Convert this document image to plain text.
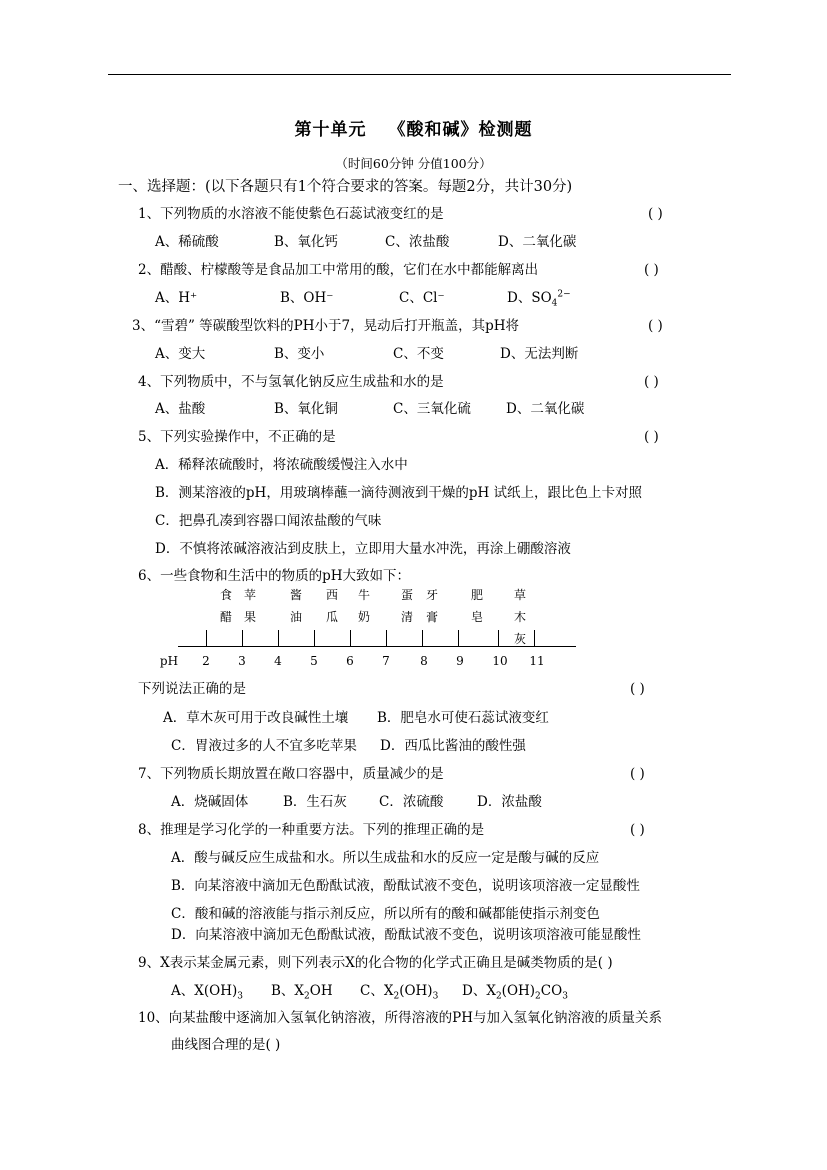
第十单元 《酸和碱》检测题
（时间60分钟 分值100分）
一、选择题：(以下各题只有1个符合要求的答案。每题2分，共计30分)
1、下列物质的水溶液不能使紫色石蕊试液变红的是	( )
A、稀硫酸	B、氧化钙	C、浓盐酸	D、二氧化碳
2、醋酸、柠檬酸等是食品加工中常用的酸，它们在水中都能解离出	( )
A、H⁺	B、OH⁻	C、Cl⁻	D、$SO_4^{2-}$
3、“雪碧” 等碳酸型饮料的PH小于7，晃动后打开瓶盖，其pH将	( )
A、变大	B、变小	C、不变	D、无法判断
4、下列物质中，不与氢氧化钠反应生成盐和水的是	( )
A、盐酸	B、氧化铜	C、三氧化硫	D、二氧化碳
5、下列实验操作中，不正确的是	( )
A．稀释浓硫酸时，将浓硫酸缓慢注入水中
B．测某溶液的pH，用玻璃棒蘸一滴待测液到干燥的pH 试纸上，跟比色上卡对照
C．把鼻孔凑到容器口闻浓盐酸的气味
D．不慎将浓碱溶液沾到皮肤上，立即用大量水冲洗，再涂上硼酸溶液
6、一些食物和生活中的物质的pH大致如下：
食
醋
苹
果
酱
油
西
瓜
牛
奶
蛋
清
牙
膏
肥
皂
草
木
灰
pH	2	3	4	5	6	7	8	9	10 11
下列说法正确的是	( )
A．草木灰可用于改良碱性土壤 B．肥皂水可使石蕊试液变红
C．胃液过多的人不宜多吃苹果 D．西瓜比酱油的酸性强
7、下列物质长期放置在敞口容器中，质量减少的是	( )
A．烧碱固体	B．生石灰 C．浓硫酸 D．浓盐酸
8、推理是学习化学的一种重要方法。下列的推理正确的是	( )
A．酸与碱反应生成盐和水。所以生成盐和水的反应一定是酸与碱的反应
B．向某溶液中滴加无色酚酞试液，酚酞试液不变色，说明该项溶液一定显酸性
C．酸和碱的溶液能与指示剂反应，所以所有的酸和碱都能使指示剂变色
D．向某溶液中滴加无色酚酞试液，酚酞试液不变色，说明该项溶液可能显酸性
9、X表示某金属元素，则下列表示X的化合物的化学式正确且是碱类物质的是( )
A、$X(OH)_3$ B、$X_2OH$ C、$X_2(OH)_3$ D、$X_2(OH)_2CO_3$
10、向某盐酸中逐滴加入氢氧化钠溶液，所得溶液的PH与加入氢氧化钠溶液的质量关系
曲线图合理的是( )
